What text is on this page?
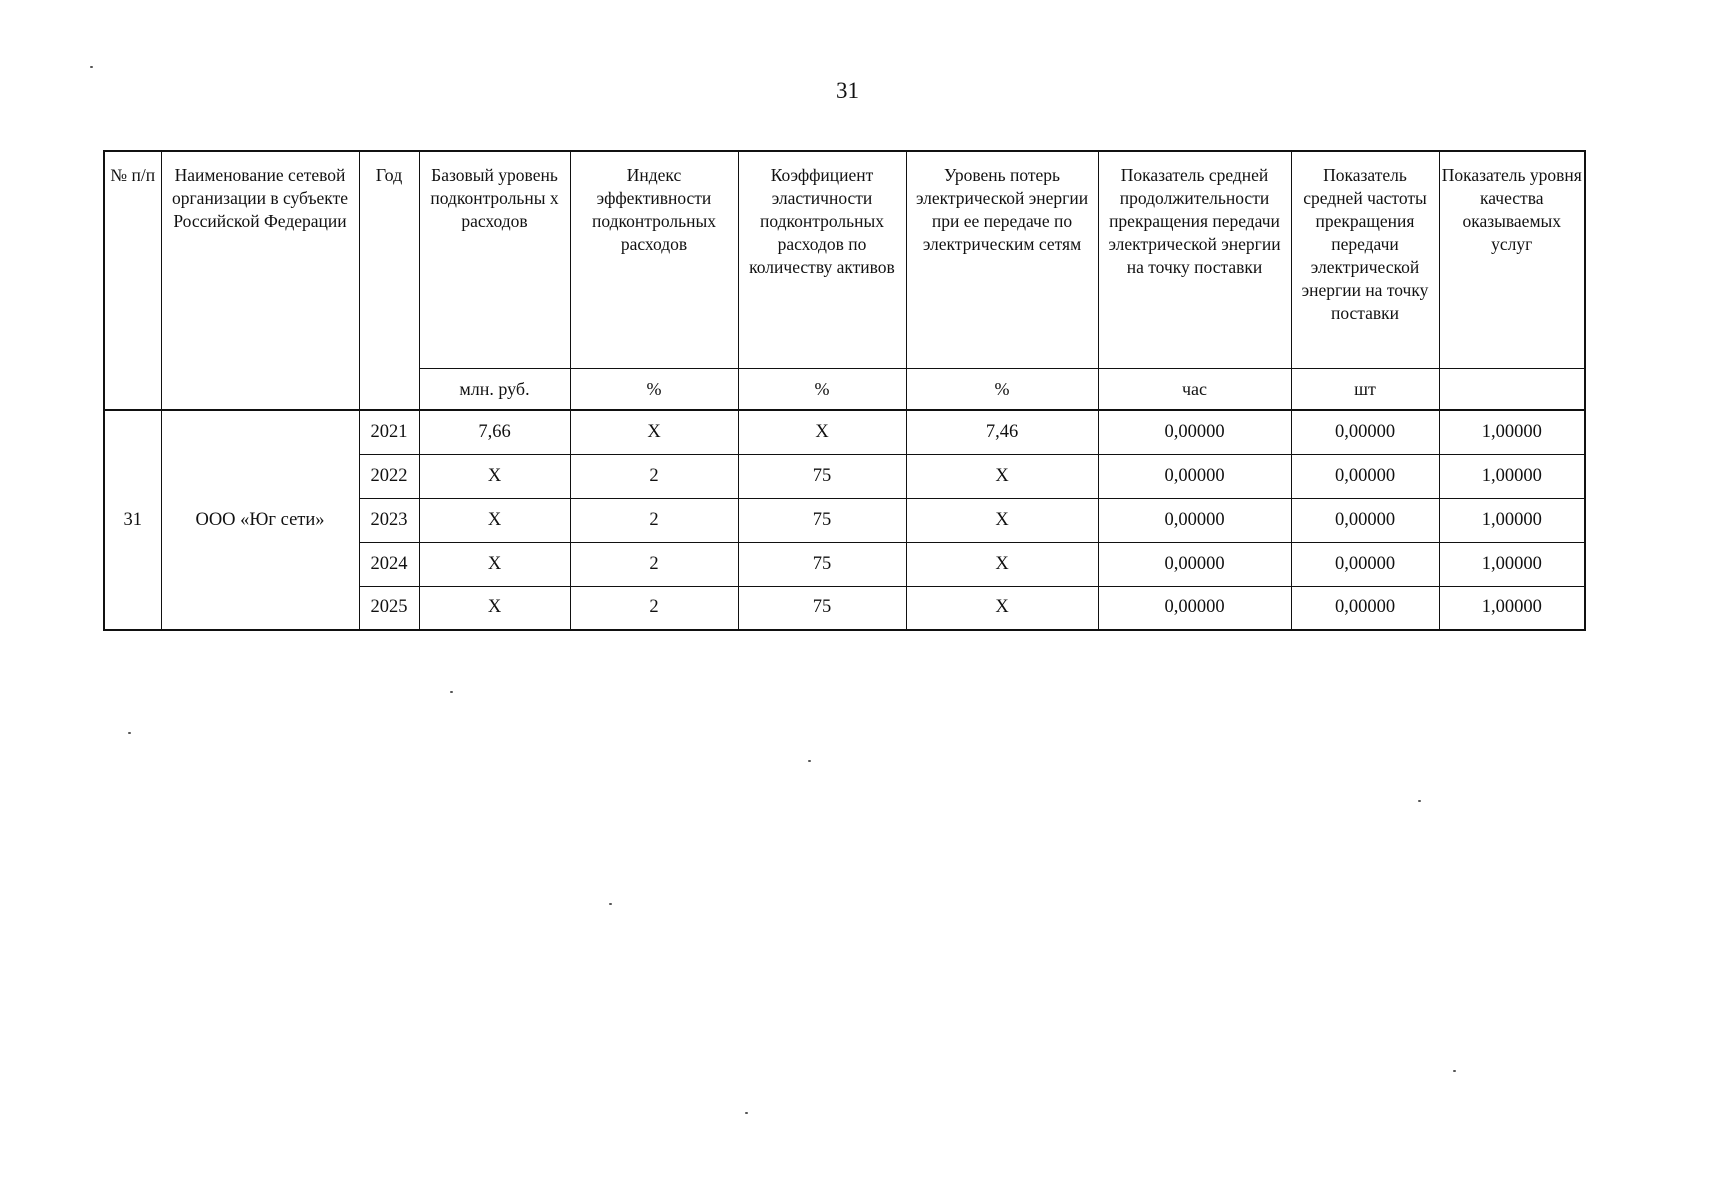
31
№ п/п	Наименование сетевой организации в субъекте Российской Федерации	Год	Базовый уровень подконтрольны х расходов	Индекс эффективности подконтрольных расходов	Коэффициент эластичности подконтрольных расходов по количеству активов	Уровень потерь электрической энергии при ее передаче по электрическим сетям	Показатель средней продолжительности прекращения передачи электрической энергии на точку поставки	Показатель средней частоты прекращения передачи электрической энергии на точку поставки	Показатель уровня качества оказываемых услуг
			млн. руб.	%	%	%	час	шт	
31	ООО «Юг сети»	2021	7,66	X	X	7,46	0,00000	0,00000	1,00000
		2022	X	2	75	X	0,00000	0,00000	1,00000
		2023	X	2	75	X	0,00000	0,00000	1,00000
		2024	X	2	75	X	0,00000	0,00000	1,00000
		2025	X	2	75	X	0,00000	0,00000	1,00000
